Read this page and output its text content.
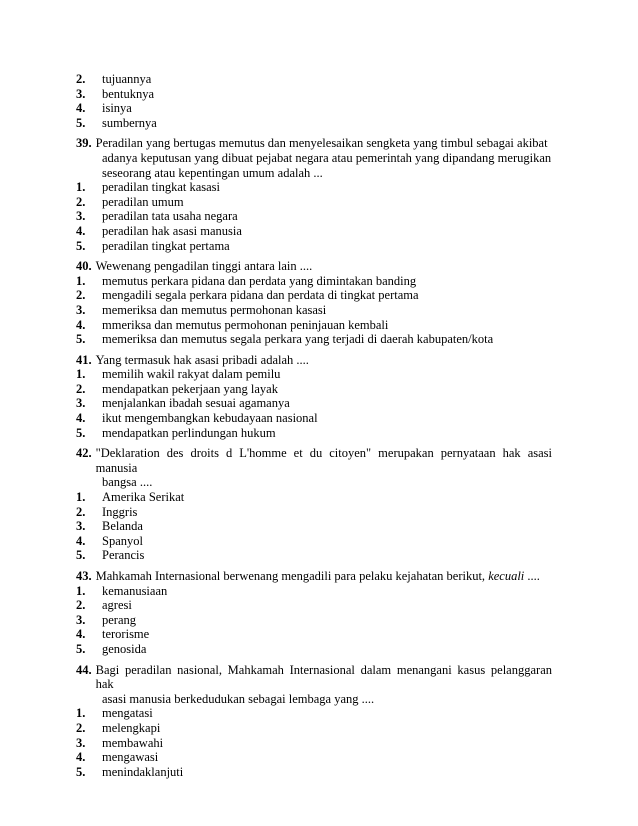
2.	tujuannya
3.	bentuknya
4.	isinya
5.	sumbernya
39. Peradilan yang bertugas memutus dan menyelesaikan sengketa yang timbul sebagai akibat
adanya keputusan yang dibuat pejabat negara atau pemerintah yang dipandang merugikan
seseorang atau kepentingan umum adalah ...
1.	peradilan tingkat kasasi
2.	peradilan umum
3.	peradilan tata usaha negara
4.	peradilan hak asasi manusia
5.	peradilan tingkat pertama
40. Wewenang pengadilan tinggi antara lain ....
1.	memutus perkara pidana dan perdata yang dimintakan banding
2.	mengadili segala perkara pidana dan perdata di tingkat pertama
3.	memeriksa dan memutus permohonan kasasi
4.	mmeriksa dan memutus permohonan peninjauan kembali
5.	memeriksa dan memutus segala perkara yang terjadi di daerah kabupaten/kota
41. Yang termasuk hak asasi pribadi adalah ....
1.	memilih wakil rakyat dalam pemilu
2.	mendapatkan pekerjaan yang layak
3.	menjalankan ibadah sesuai agamanya
4.	ikut mengembangkan kebudayaan nasional
5.	mendapatkan perlindungan hukum
42. "Deklaration des droits d L'homme et du citoyen" merupakan pernyataan hak asasi manusia
bangsa ....
1.	Amerika Serikat
2.	Inggris
3.	Belanda
4.	Spanyol
5.	Perancis
43. Mahkamah Internasional berwenang mengadili para pelaku kejahatan berikut, kecuali ....
1.	kemanusiaan
2.	agresi
3.	perang
4.	terorisme
5.	genosida
44. Bagi peradilan nasional, Mahkamah Internasional dalam menangani kasus pelanggaran hak
asasi manusia berkedudukan sebagai lembaga yang ....
1.	mengatasi
2.	melengkapi
3.	membawahi
4.	mengawasi
5.	menindaklanjuti
